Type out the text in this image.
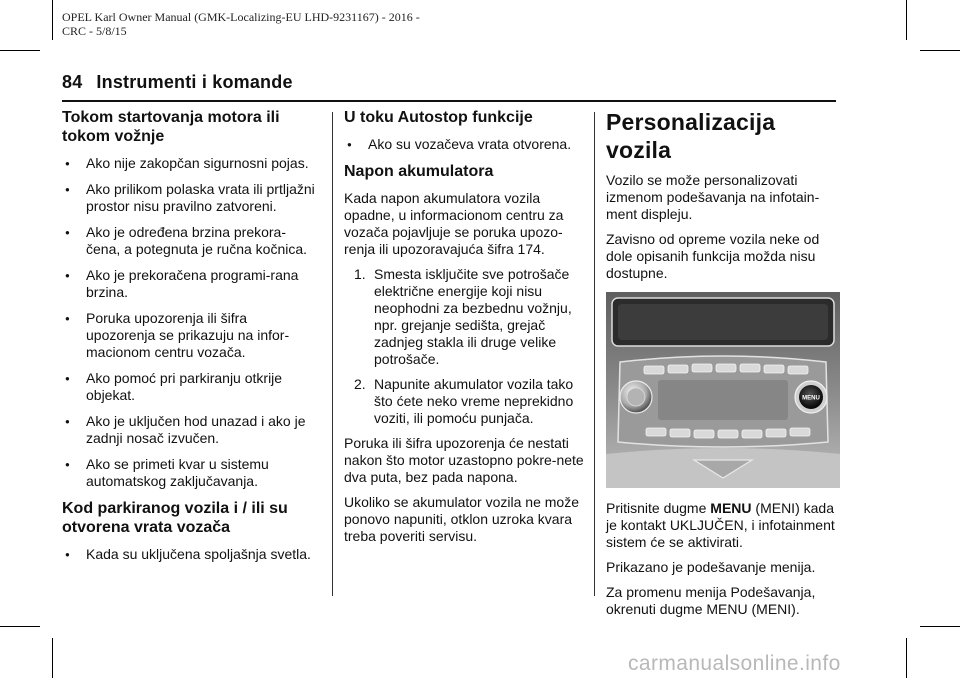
OPEL Karl Owner Manual (GMK-Localizing-EU LHD-9231167) - 2016 -
CRC - 5/8/15
84 Instrumenti i komande
Tokom startovanja motora ili tokom vožnje
● Ako nije zakopčan sigurnosni pojas.
● Ako prilikom polaska vrata ili prtljažni prostor nisu pravilno zatvoreni.
● Ako je određena brzina prekora-čena, a potegnuta je ručna kočnica.
● Ako je prekoračena programi-rana brzina.
● Poruka upozorenja ili šifra upozorenja se prikazuju na infor-macionom centru vozača.
● Ako pomoć pri parkiranju otkrije objekat.
● Ako je uključen hod unazad i ako je zadnji nosač izvučen.
● Ako se primeti kvar u sistemu automatskog zaključavanja.
Kod parkiranog vozila i / ili su otvorena vrata vozača
● Kada su uključena spoljašnja svetla.
U toku Autostop funkcije
● Ako su vozačeva vrata otvorena.
Napon akumulatora

Kada napon akumulatora vozila opadne, u informacionom centru za vozača pojavljuje se poruka upozo-renja ili upozoravajuća šifra 174.

1. Smesta isključite sve potrošače električne energije koji nisu neophodni za bezbednu vožnju, npr. grejanje sedišta, grejač zadnjeg stakla ili druge velike potrošače.
2. Napunite akumulator vozila tako što ćete neko vreme neprekidno voziti, ili pomoću punjača.

Poruka ili šifra upozorenja će nestati nakon što motor uzastopno pokre-nete dva puta, bez pada napona.

Ukoliko se akumulator vozila ne može ponovo napuniti, otklon uzroka kvara treba poveriti servisu.

Personalizacija vozila

Vozilo se može personalizovati izmenom podešavanja na infotain-ment displeju.

Zavisno od opreme vozila neke od dole opisanih funkcija možda nisu dostupne.

MENU

Pritisnite dugme MENU (MENI) kada je kontakt UKLJUČEN, i infotainment sistem će se aktivirati.

Prikazano je podešavanje menija.

Za promenu menija Podešavanja, okrenuti dugme MENU (MENI).

carmanualsonline.info
